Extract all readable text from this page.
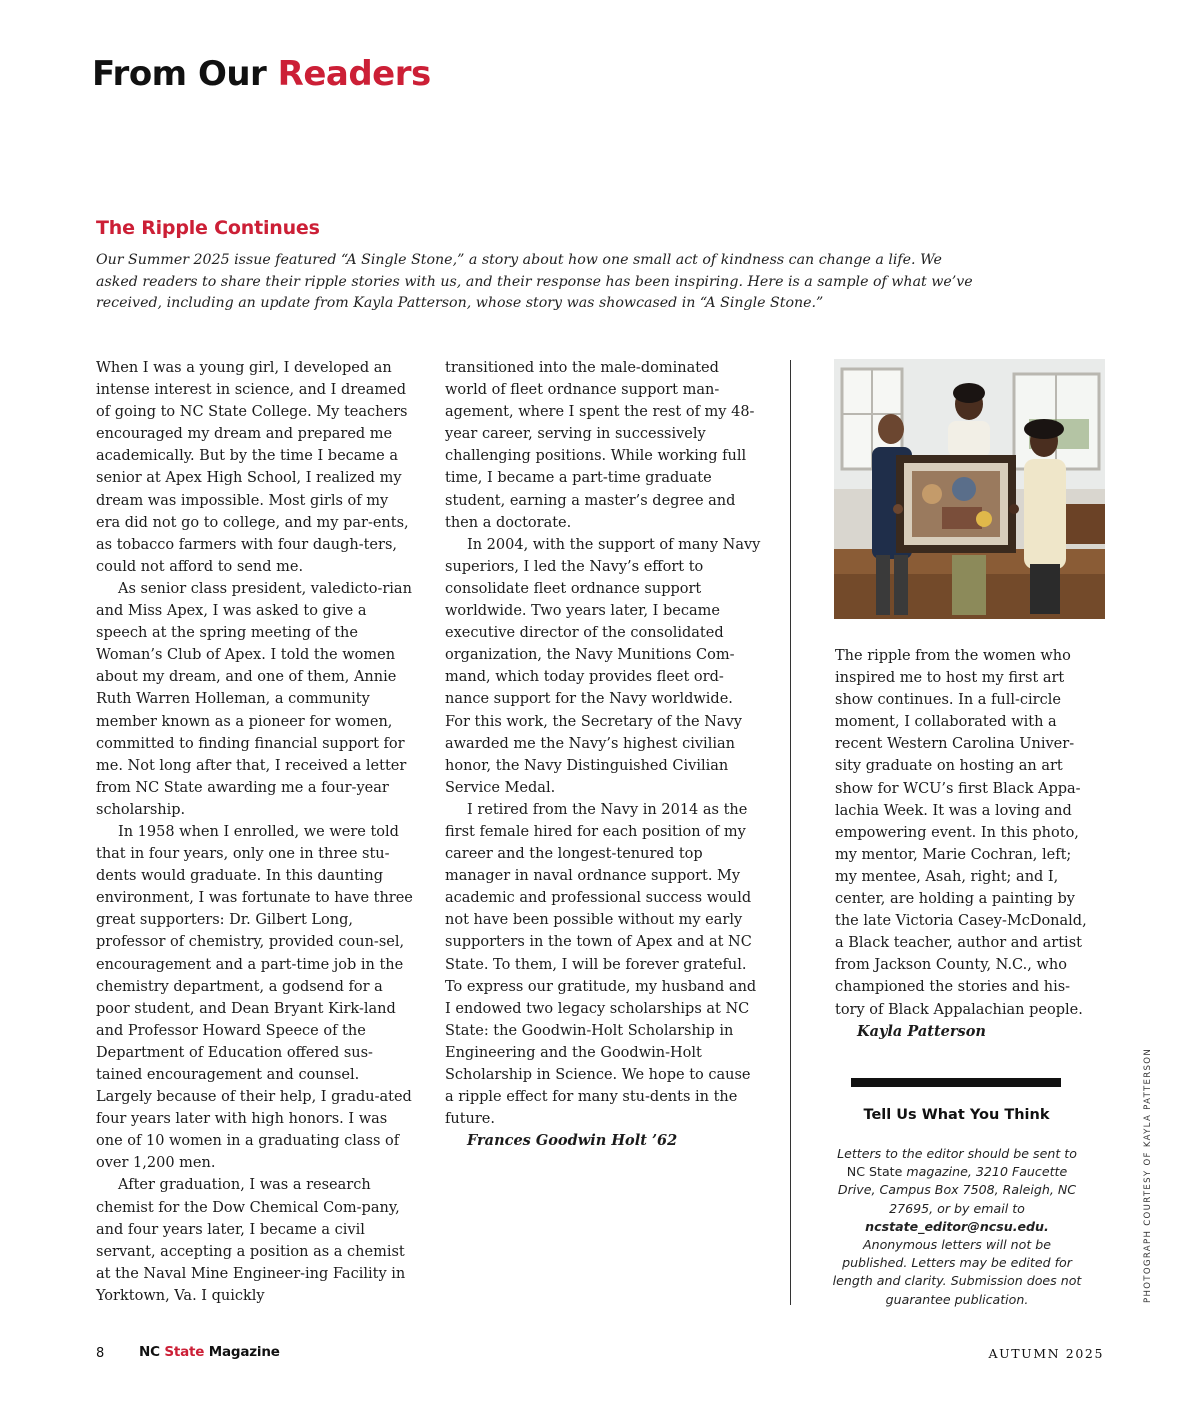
From Our Readers
The Ripple Continues
Our Summer 2025 issue featured “A Single Stone,” a story about how one small act of kindness can change a life. We asked readers to share their ripple stories with us, and their response has been inspiring. Here is a sample of what we’ve received, including an update from Kayla Patterson, whose story was showcased in “A Single Stone.”

When I was a young girl, I developed an intense interest in science, and I dreamed of going to NC State College. My teachers encouraged my dream and prepared me academically. But by the time I became a senior at Apex High School, I realized my dream was impossible. Most girls of my era did not go to college, and my par-ents, as tobacco farmers with four daugh-ters, could not afford to send me.

As senior class president, valedicto-rian and Miss Apex, I was asked to give a speech at the spring meeting of the Woman’s Club of Apex. I told the women about my dream, and one of them, Annie Ruth Warren Holleman, a community member known as a pioneer for women, committed to finding financial support for me. Not long after that, I received a letter from NC State awarding me a four-year scholarship.

In 1958 when I enrolled, we were told that in four years, only one in three stu-dents would graduate. In this daunting environment, I was fortunate to have three great supporters: Dr. Gilbert Long, professor of chemistry, provided coun-sel, encouragement and a part-time job in the chemistry department, a godsend for a poor student, and Dean Bryant Kirk-land and Professor Howard Speece of the Department of Education offered sus-tained encouragement and counsel. Largely because of their help, I gradu-ated four years later with high honors. I was one of 10 women in a graduating class of over 1,200 men.

After graduation, I was a research chemist for the Dow Chemical Com-pany, and four years later, I became a civil servant, accepting a position as a chemist at the Naval Mine Engineer-ing Facility in Yorktown, Va. I quickly

transitioned into the male-dominated world of fleet ordnance support man-agement, where I spent the rest of my 48-year career, serving in successively challenging positions. While working full time, I became a part-time graduate student, earning a master’s degree and then a doctorate.

In 2004, with the support of many Navy superiors, I led the Navy’s effort to consolidate fleet ordnance support worldwide. Two years later, I became executive director of the consolidated organization, the Navy Munitions Com-mand, which today provides fleet ord-nance support for the Navy worldwide. For this work, the Secretary of the Navy awarded me the Navy’s highest civilian honor, the Navy Distinguished Civilian Service Medal.

I retired from the Navy in 2014 as the first female hired for each position of my career and the longest-tenured top manager in naval ordnance support. My academic and professional success would not have been possible without my early supporters in the town of Apex and at NC State. To them, I will be forever grateful. To express our gratitude, my husband and I endowed two legacy scholarships at NC State: the Goodwin-Holt Scholarship in Engineering and the Goodwin-Holt Scholarship in Science. We hope to cause a ripple effect for many stu-dents in the future.

Frances Goodwin Holt ’62	PHOTOGRAPH COURTESY OF KAYLA PATTERSON

The ripple from the women who inspired me to host my first art show continues. In a full-circle moment, I collaborated with a recent Western Carolina Univer-sity graduate on hosting an art show for WCU’s first Black Appa-lachia Week. It was a loving and empowering event. In this photo, my mentor, Marie Cochran, left; my mentee, Asah, right; and I, center, are holding a painting by the late Victoria Casey-McDonald, a Black teacher, author and artist from Jackson County, N.C., who championed the stories and his-tory of Black Appalachian people.

Kayla Patterson

Tell Us What You Think
Letters to the editor should be sent to NC State magazine, 3210 Faucette Drive, Campus Box 7508, Raleigh, NC 27695, or by email to ncstate_editor@ncsu.edu. Anonymous letters will not be published. Letters may be edited for length and clarity. Submission does not guarantee publication.
8	NC State Magazine	AUTUMN 2025
